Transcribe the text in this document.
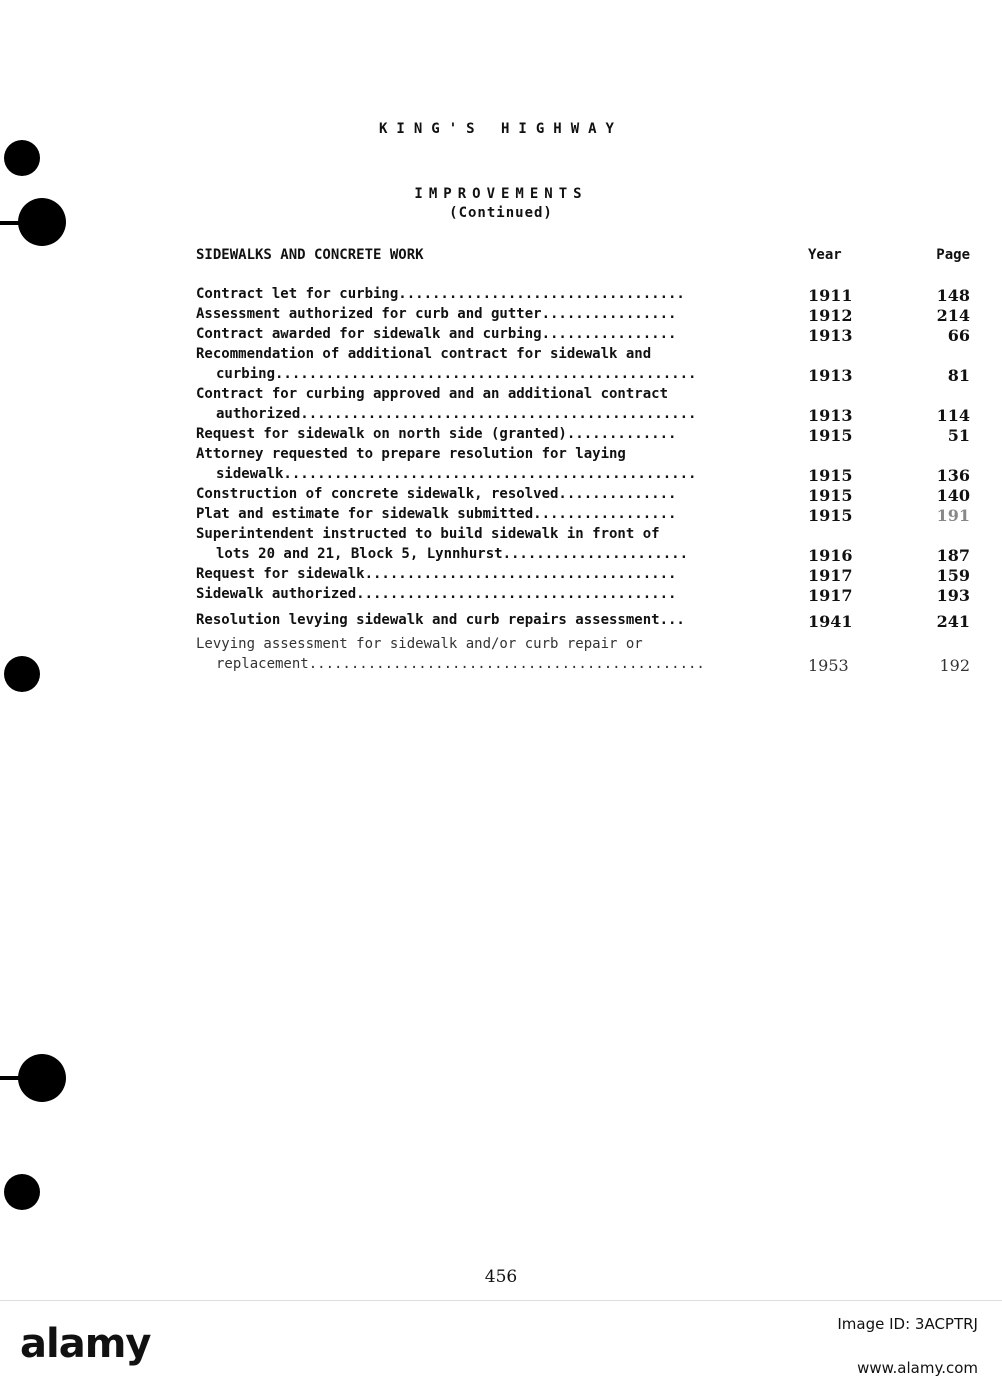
KING'S HIGHWAY
IMPROVEMENTS
(Continued)
SIDEWALKS AND CONCRETE WORK	Year	Page
Contract let for curbing..................................	1911	148
Assessment authorized for curb and gutter................	1912	214
Contract awarded for sidewalk and curbing................	1913	66
Recommendation of additional contract for sidewalk and
curbing..................................................	1913	81
Contract for curbing approved and an additional contract
authorized...............................................	1913	114
Request for sidewalk on north side (granted).............	1915	51
Attorney requested to prepare resolution for laying
sidewalk.................................................	1915	136
Construction of concrete sidewalk, resolved..............	1915	140
Plat and estimate for sidewalk submitted.................	1915	191
Superintendent instructed to build sidewalk in front of
lots 20 and 21, Block 5, Lynnhurst......................	1916	187
Request for sidewalk.....................................	1917	159
Sidewalk authorized......................................	1917	193
Resolution levying sidewalk and curb repairs assessment...	1941	241
Levying assessment for sidewalk and/or curb repair or
replacement...............................................	1953	192
456
alamy	Image ID: 3ACPTRJ
www.alamy.com
